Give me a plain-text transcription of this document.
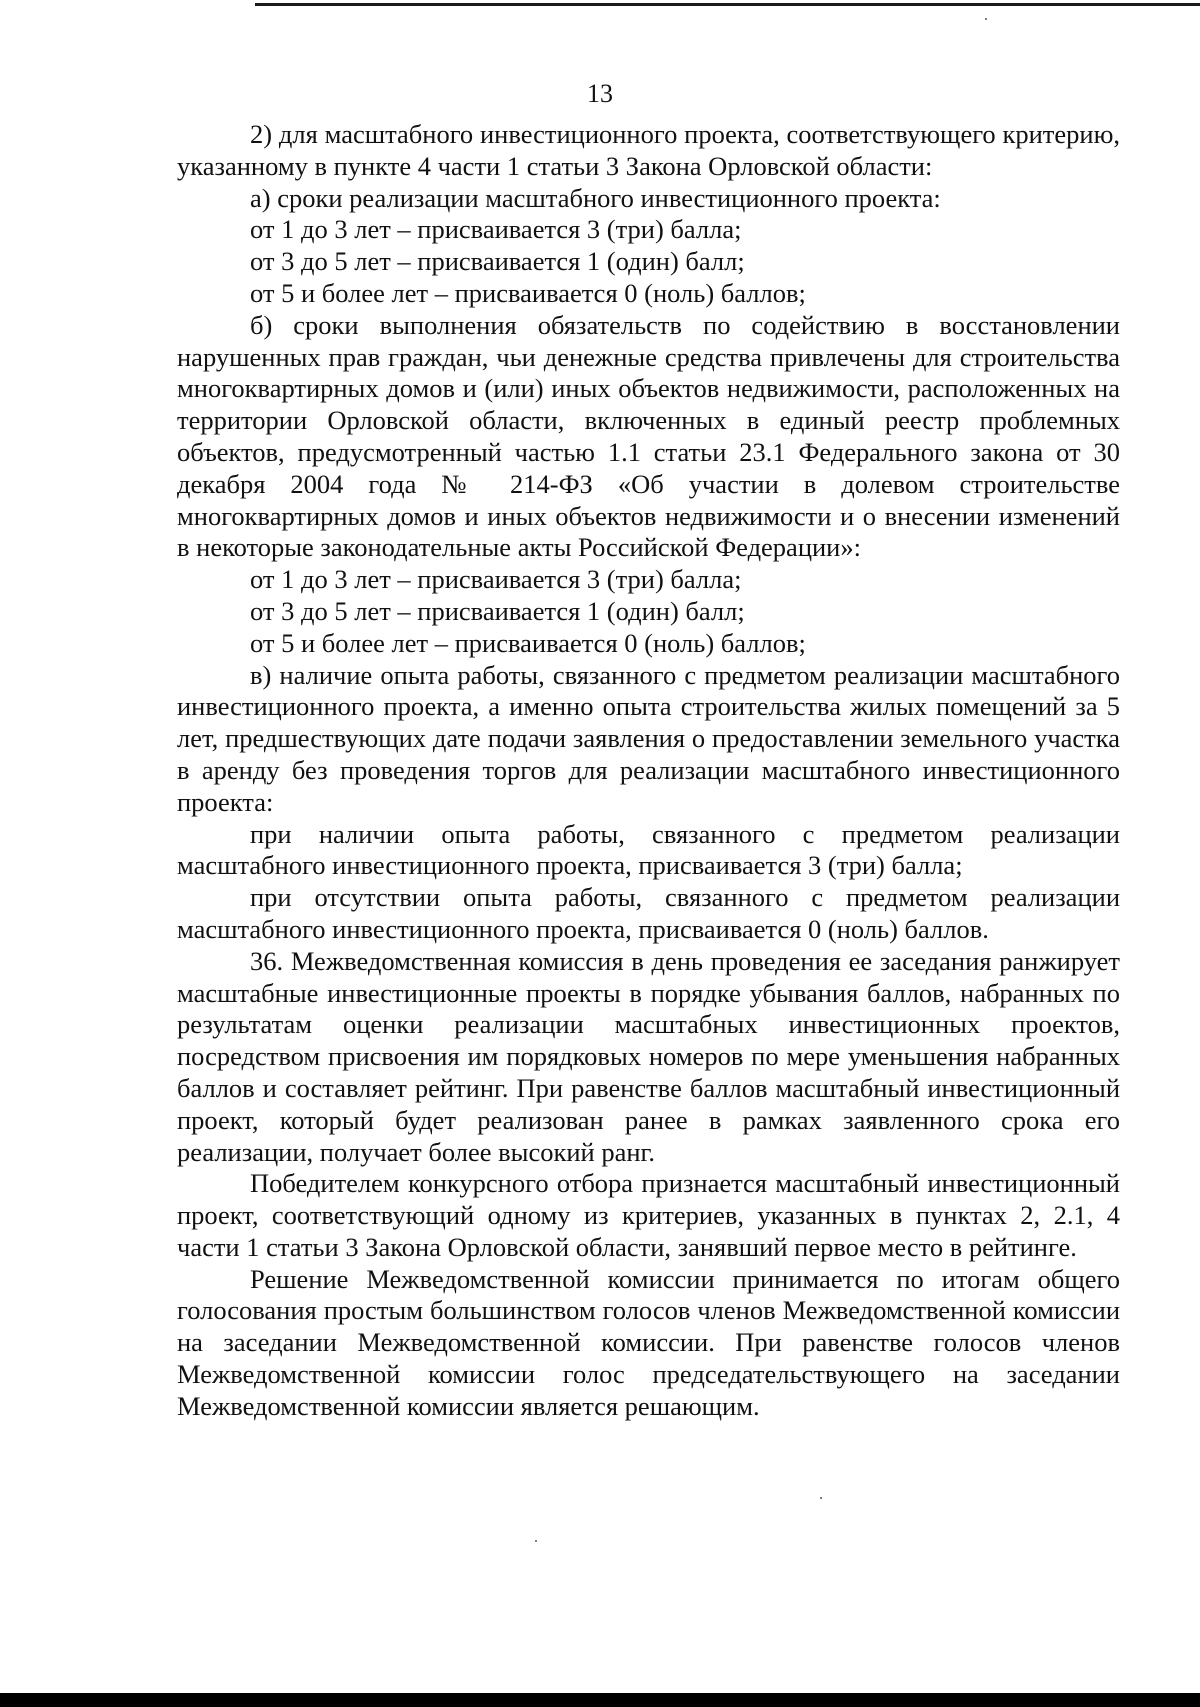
13

2) для масштабного инвестиционного проекта, соответствующего критерию, указанному в пункте 4 части 1 статьи 3 Закона Орловской области:

а) сроки реализации масштабного инвестиционного проекта:

от 1 до 3 лет – присваивается 3 (три) балла;

от 3 до 5 лет – присваивается 1 (один) балл;

от 5 и более лет – присваивается 0 (ноль) баллов;

б) сроки выполнения обязательств по содействию в восстановлении нарушенных прав граждан, чьи денежные средства привлечены для строительства многоквартирных домов и (или) иных объектов недвижимости, расположенных на территории Орловской области, включенных в единый реестр проблемных объектов, предусмотренный частью 1.1 статьи 23.1 Федерального закона от 30 декабря 2004 года № 214-ФЗ «Об участии в долевом строительстве многоквартирных домов и иных объектов недвижимости и о внесении изменений в некоторые законодательные акты Российской Федерации»:

от 1 до 3 лет – присваивается 3 (три) балла;

от 3 до 5 лет – присваивается 1 (один) балл;

от 5 и более лет – присваивается 0 (ноль) баллов;

в) наличие опыта работы, связанного с предметом реализации масштабного инвестиционного проекта, а именно опыта строительства жилых помещений за 5 лет, предшествующих дате подачи заявления о предоставлении земельного участка в аренду без проведения торгов для реализации масштабного инвестиционного проекта:

при наличии опыта работы, связанного с предметом реализации масштабного инвестиционного проекта, присваивается 3 (три) балла;

при отсутствии опыта работы, связанного с предметом реализации масштабного инвестиционного проекта, присваивается 0 (ноль) баллов.

36. Межведомственная комиссия в день проведения ее заседания ранжирует масштабные инвестиционные проекты в порядке убывания баллов, набранных по результатам оценки реализации масштабных инвестиционных проектов, посредством присвоения им порядковых номеров по мере уменьшения набранных баллов и составляет рейтинг. При равенстве баллов масштабный инвестиционный проект, который будет реализован ранее в рамках заявленного срока его реализации, получает более высокий ранг.

Победителем конкурсного отбора признается масштабный инвестиционный проект, соответствующий одному из критериев, указанных в пунктах 2, 2.1, 4 части 1 статьи 3 Закона Орловской области, занявший первое место в рейтинге.

Решение Межведомственной комиссии принимается по итогам общего голосования простым большинством голосов членов Межведомственной комиссии на заседании Межведомственной комиссии. При равенстве голосов членов Межведомственной комиссии голос председательствующего на заседании Межведомственной комиссии является решающим.
